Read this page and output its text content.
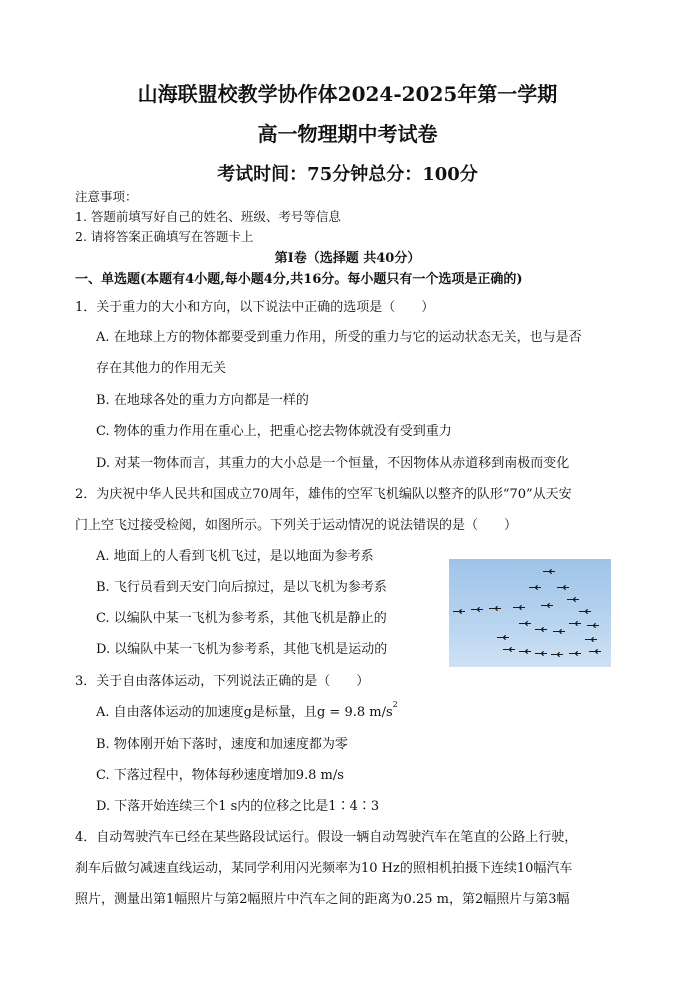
山海联盟校教学协作体2024-2025年第一学期
高一物理期中考试卷
考试时间：75分钟总分：100分
注意事项：
1. 答题前填写好自己的姓名、班级、考号等信息
2. 请将答案正确填写在答题卡上
第Ⅰ卷（选择题 共40分）
一、单选题(本题有4小题,每小题4分,共16分。每小题只有一个选项是正确的)
1．关于重力的大小和方向，以下说法中正确的选项是（　　）
A. 在地球上方的物体都要受到重力作用，所受的重力与它的运动状态无关，也与是否
存在其他力的作用无关
B. 在地球各处的重力方向都是一样的
C. 物体的重力作用在重心上，把重心挖去物体就没有受到重力
D. 对某一物体而言，其重力的大小总是一个恒量，不因物体从赤道移到南极而变化
2．为庆祝中华人民共和国成立70周年，雄伟的空军飞机编队以整齐的队形“70”从天安
门上空飞过接受检阅，如图所示。下列关于运动情况的说法错误的是（　　）
A. 地面上的人看到飞机飞过，是以地面为参考系
B. 飞行员看到天安门向后掠过，是以飞机为参考系
C. 以编队中某一飞机为参考系，其他飞机是静止的
D. 以编队中某一飞机为参考系，其他飞机是运动的
3．关于自由落体运动，下列说法正确的是（　　）
A. 自由落体运动的加速度g是标量，且g = 9.8 $m/s^2$
B. 物体刚开始下落时，速度和加速度都为零
C. 下落过程中，物体每秒速度增加9.8 m/s
D. 下落开始连续三个1 s内的位移之比是1∶4∶3
4．自动驾驶汽车已经在某些路段试运行。假设一辆自动驾驶汽车在笔直的公路上行驶，
刹车后做匀减速直线运动，某同学利用闪光频率为10 Hz的照相机拍摄下连续10幅汽车
照片，测量出第1幅照片与第2幅照片中汽车之间的距离为0.25 m，第2幅照片与第3幅
